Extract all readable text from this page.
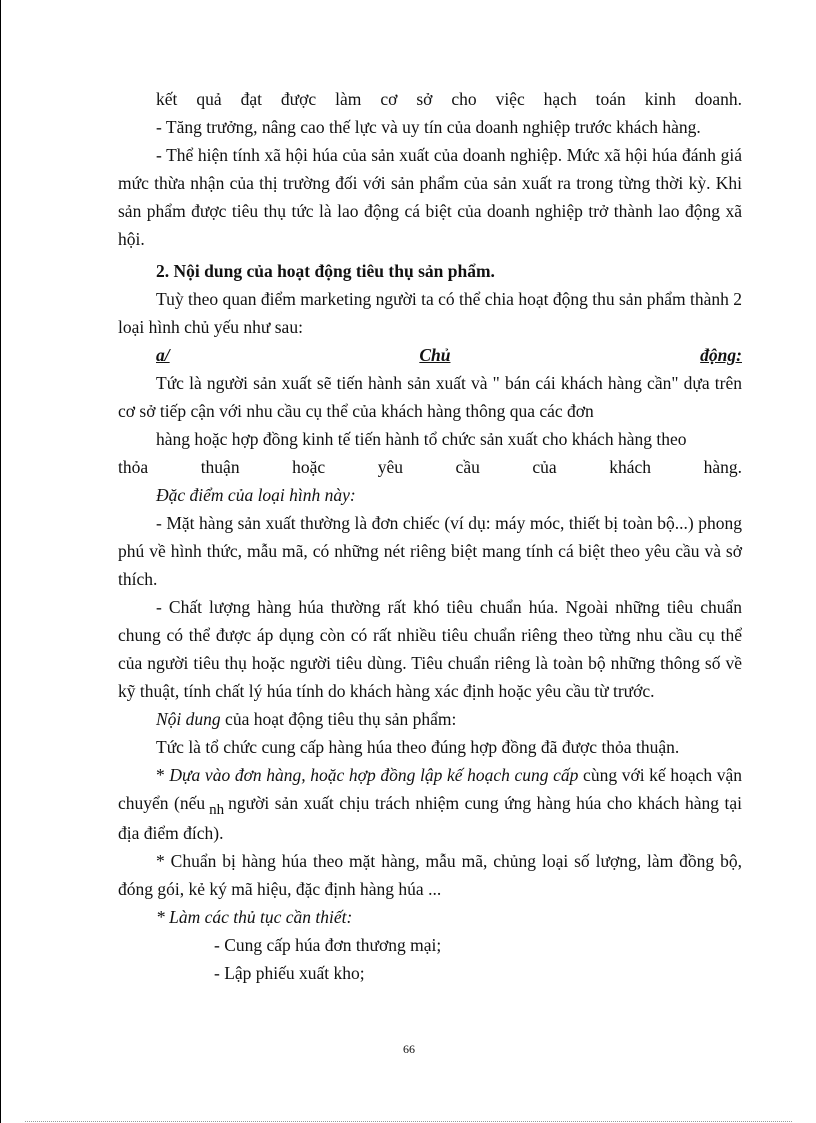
kết quả đạt được làm cơ sở cho việc hạch toán kinh doanh.

- Tăng trưởng, nâng cao thế lực và uy tín của doanh nghiệp trước khách hàng.

- Thể hiện tính xã hội húa của sản xuất của doanh nghiệp. Mức xã hội húa đánh giá mức thừa nhận của thị trường đối với sản phẩm của sản xuất ra trong từng thời kỳ. Khi sản phẩm được tiêu thụ tức là lao động cá biệt của doanh nghiệp trở thành lao động xã hội.

2. Nội dung của hoạt động tiêu thụ sản phẩm.

Tuỳ theo quan điểm marketing người ta có thể chia hoạt động thu sản phẩm thành 2 loại hình chủ yếu như sau:

a/	Chủ	động:

Tức là người sản xuất sẽ tiến hành sản xuất và " bán cái khách hàng cần" dựa trên cơ sở tiếp cận với nhu cầu cụ thể của khách hàng thông qua các đơn

hàng hoặc hợp đồng kinh tế tiến hành tổ chức sản xuất cho khách hàng theo

thỏa thuận hoặc yêu cầu của khách hàng.

Đặc điểm của loại hình này:

- Mặt hàng sản xuất thường là đơn chiếc (ví dụ: máy móc, thiết bị toàn bộ...) phong phú về hình thức, mẫu mã, có những nét riêng biệt mang tính cá biệt theo yêu cầu và sở thích.

- Chất lượng hàng húa thường rất khó tiêu chuẩn húa. Ngoài những tiêu chuẩn chung có thể được áp dụng còn có rất nhiều tiêu chuẩn riêng theo từng nhu cầu cụ thể của người tiêu thụ hoặc người tiêu dùng. Tiêu chuẩn riêng là toàn bộ những thông số về kỹ thuật, tính chất lý húa tính do khách hàng xác định hoặc yêu cầu từ trước.

Nội dung của hoạt động tiêu thụ sản phẩm:

Tức là tổ chức cung cấp hàng húa theo đúng hợp đồng đã được thỏa thuận.

* Dựa vào đơn hàng, hoặc hợp đồng lập kế hoạch cung cấp cùng với kế hoạch vận chuyển (nếu nh người sản xuất chịu trách nhiệm cung ứng hàng húa cho khách hàng tại địa điểm đích).

* Chuẩn bị hàng húa theo mặt hàng, mẫu mã, chủng loại số lượng, làm đồng bộ, đóng gói, kẻ ký mã hiệu, đặc định hàng húa ...

* Làm các thủ tục cần thiết:

- Cung cấp húa đơn thương mại;

- Lập phiếu xuất kho;

66
